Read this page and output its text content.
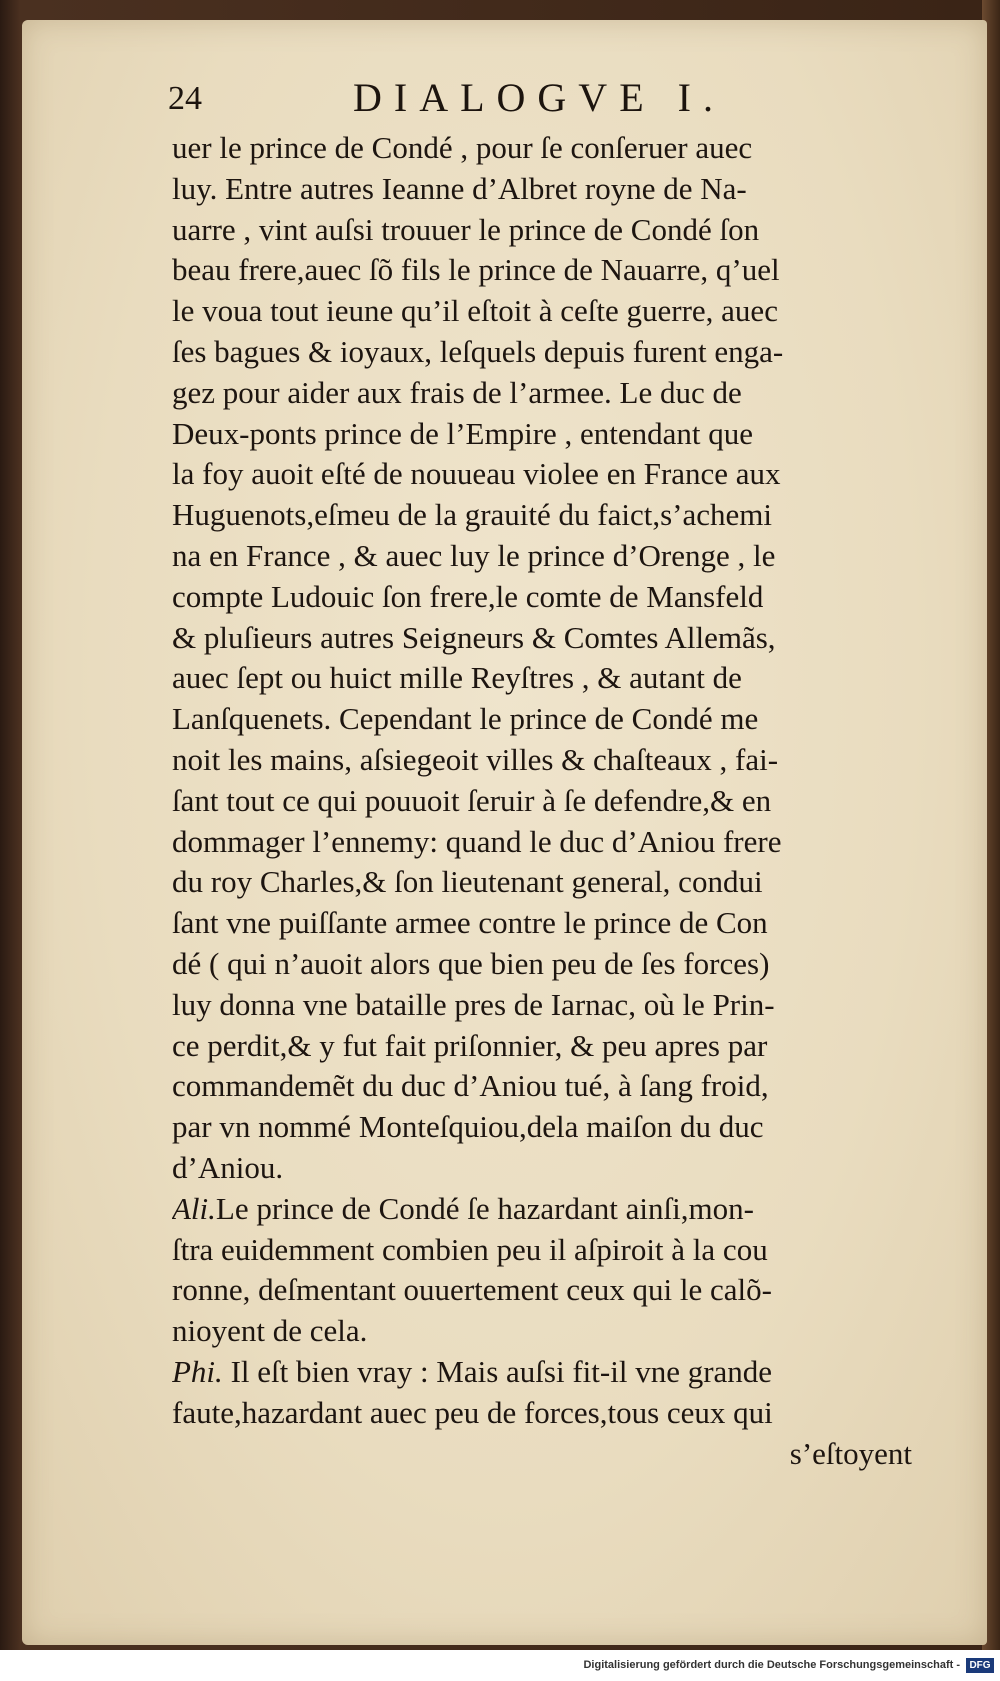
24	DIALOGVE I.
uer le prince de Condé , pour ſe conſeruer auec
luy. Entre autres Ieanne d’Albret royne de Na-
uarre , vint auſsi trouuer le prince de Condé ſon
beau frere,auec ſõ fils le prince de Nauarre, q’uel
le voua tout ieune qu’il eſtoit à ceſte guerre, auec
ſes bagues & ioyaux, leſquels depuis furent enga-
gez pour aider aux frais de l’armee. Le duc de
Deux-ponts prince de l’Empire , entendant que
la foy auoit eſté de nouueau violee en France aux
Huguenots,eſmeu de la grauité du faict,s’achemi
na en France , & auec luy le prince d’Orenge , le
compte Ludouic ſon frere,le comte de Mansfeld
& pluſieurs autres Seigneurs & Comtes Allemãs,
auec ſept ou huict mille Reyſtres , & autant de
Lanſquenets. Cependant le prince de Condé me
noit les mains, aſsiegeoit villes & chaſteaux , fai-
ſant tout ce qui pouuoit ſeruir à ſe defendre,& en
dommager l’ennemy: quand le duc d’Aniou frere
du roy Charles,& ſon lieutenant general, condui
ſant vne puiſſante armee contre le prince de Con
dé ( qui n’auoit alors que bien peu de ſes forces)
luy donna vne bataille pres de Iarnac, où le Prin-
ce perdit,& y fut fait priſonnier, & peu apres par
commandemẽt du duc d’Aniou tué, à ſang froid,
par vn nommé Monteſquiou,dela maiſon du duc
d’Aniou.
Ali.Le prince de Condé ſe hazardant ainſi,mon-
ſtra euidemment combien peu il aſpiroit à la cou
ronne, deſmentant ouuertement ceux qui le calõ-
nioyent de cela.
Phi. Il eſt bien vray : Mais auſsi fit-il vne grande
faute,hazardant auec peu de forces,tous ceux qui
s’eſtoyent
Digitalisierung gefördert durch die Deutsche Forschungsgemeinschaft - DFG
